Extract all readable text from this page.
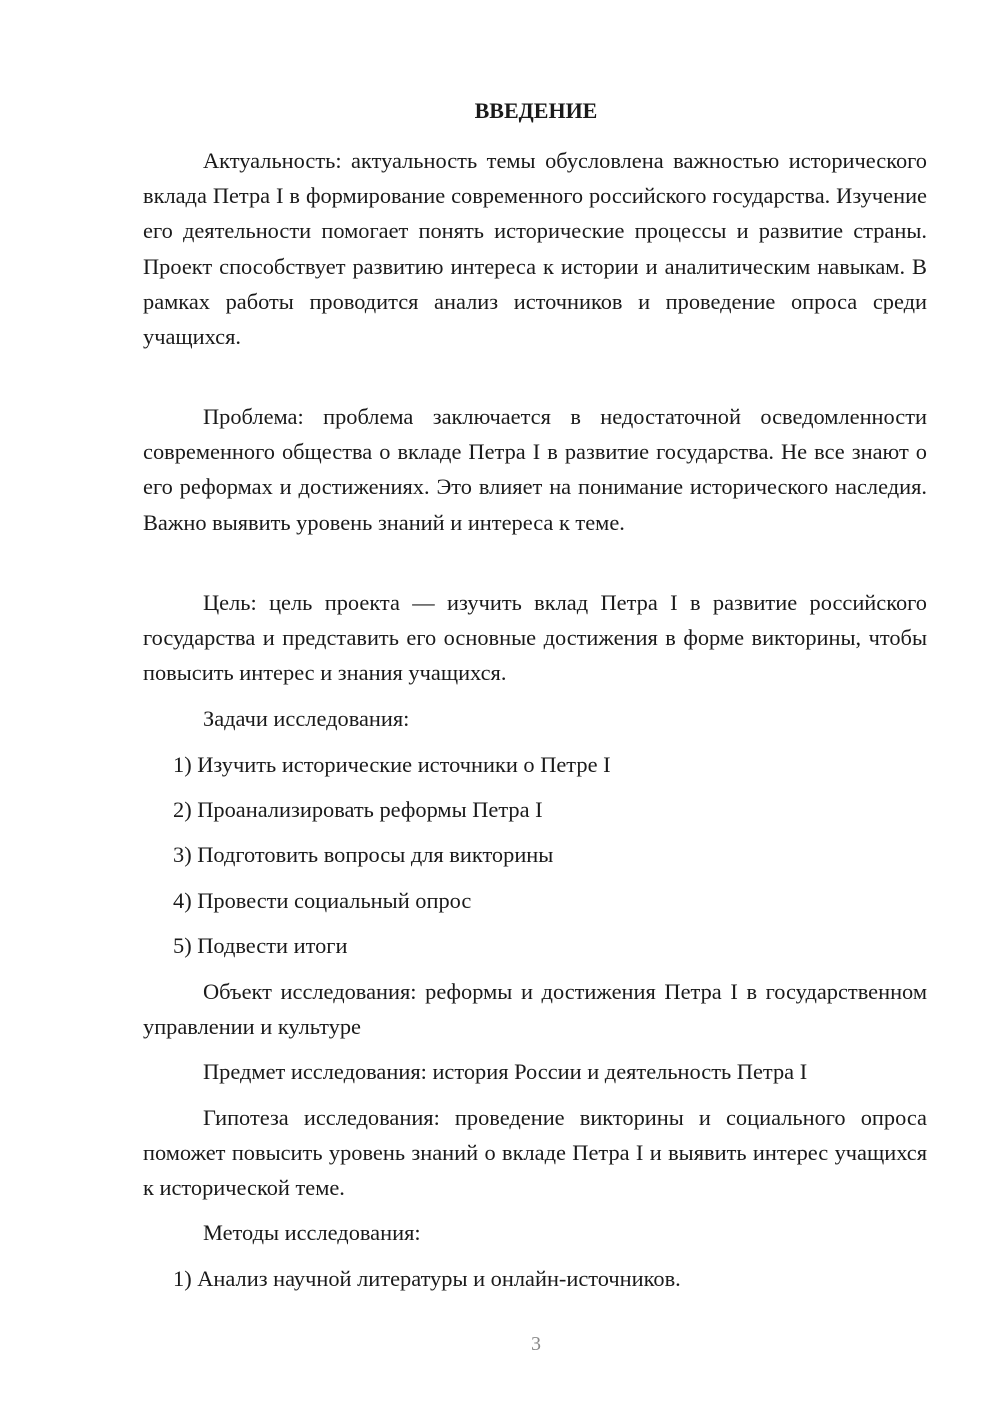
ВВЕДЕНИЕ

Актуальность: актуальность темы обусловлена важностью исторического вклада Петра I в формирование современного российского государства. Изучение его деятельности помогает понять исторические процессы и развитие страны. Проект способствует развитию интереса к истории и аналитическим навыкам. В рамках работы проводится анализ источников и проведение опроса среди учащихся.

Проблема: проблема заключается в недостаточной осведомленности современного общества о вкладе Петра I в развитие государства. Не все знают о его реформах и достижениях. Это влияет на понимание исторического наследия. Важно выявить уровень знаний и интереса к теме.

Цель: цель проекта — изучить вклад Петра I в развитие российского государства и представить его основные достижения в форме викторины, чтобы повысить интерес и знания учащихся.

Задачи исследования:

1) Изучить исторические источники о Петре I

2) Проанализировать реформы Петра I

3) Подготовить вопросы для викторины

4) Провести социальный опрос

5) Подвести итоги

Объект исследования: реформы и достижения Петра I в государственном управлении и культуре

Предмет исследования: история России и деятельность Петра I

Гипотеза исследования: проведение викторины и социального опроса поможет повысить уровень знаний о вкладе Петра I и выявить интерес учащихся к исторической теме.

Методы исследования:

1) Анализ научной литературы и онлайн-источников.

3
